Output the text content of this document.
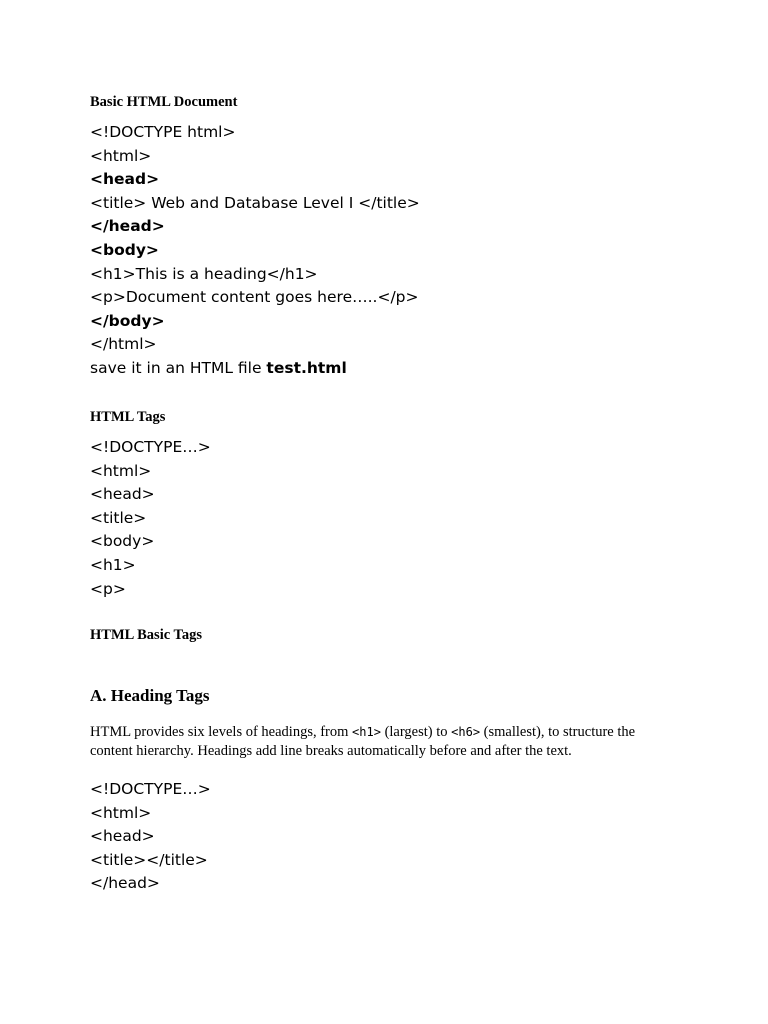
Basic HTML Document
<!DOCTYPE html>
<html>
<head>
<title> Web and Database Level I </title>
</head>
<body>
<h1>This is a heading</h1>
<p>Document content goes here…..</p>
</body>
</html>
save it in an HTML file test.html
HTML Tags
<!DOCTYPE…>
<html>
<head>
<title>
<body>
<h1>
<p>
HTML Basic Tags
A. Heading Tags

HTML provides six levels of headings, from <h1> (largest) to <h6> (smallest), to structure the content hierarchy. Headings add line breaks automatically before and after the text.

<!DOCTYPE…>
<html>
<head>
<title></title>
</head>
